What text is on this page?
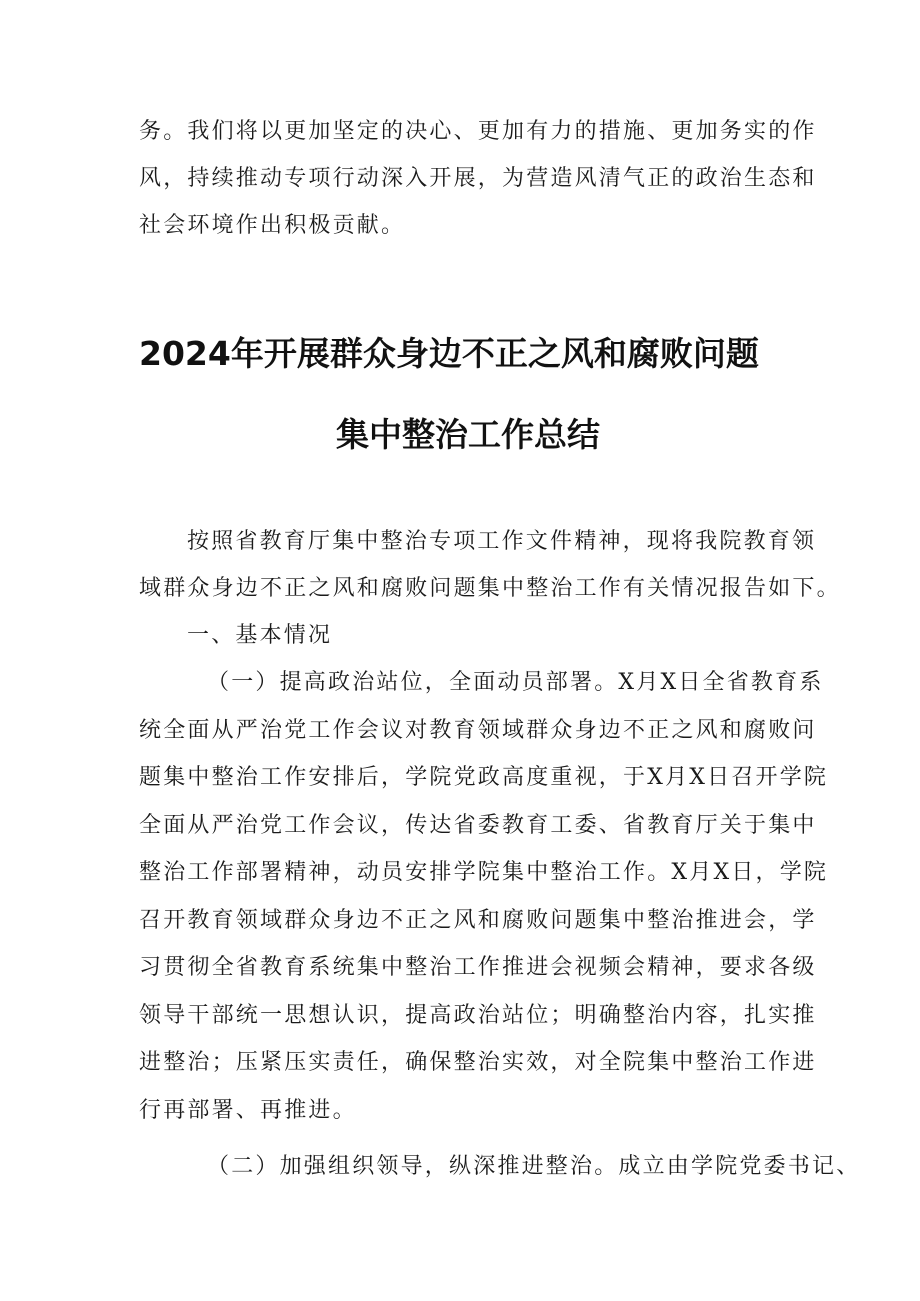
务。我们将以更加坚定的决心、更加有力的措施、更加务实的作

风，持续推动专项行动深入开展，为营造风清气正的政治生态和

社会环境作出积极贡献。

2024年开展群众身边不正之风和腐败问题
集中整治工作总结

按照省教育厅集中整治专项工作文件精神，现将我院教育领

域群众身边不正之风和腐败问题集中整治工作有关情况报告如下。

一、基本情况

（一）提高政治站位，全面动员部署。X月X日全省教育系

统全面从严治党工作会议对教育领域群众身边不正之风和腐败问

题集中整治工作安排后，学院党政高度重视，于X月X日召开学院

全面从严治党工作会议，传达省委教育工委、省教育厅关于集中

整治工作部署精神，动员安排学院集中整治工作。X月X日，学院

召开教育领域群众身边不正之风和腐败问题集中整治推进会，学

习贯彻全省教育系统集中整治工作推进会视频会精神，要求各级

领导干部统一思想认识，提高政治站位；明确整治内容，扎实推

进整治；压紧压实责任，确保整治实效，对全院集中整治工作进

行再部署、再推进。

（二）加强组织领导，纵深推进整治。成立由学院党委书记、
